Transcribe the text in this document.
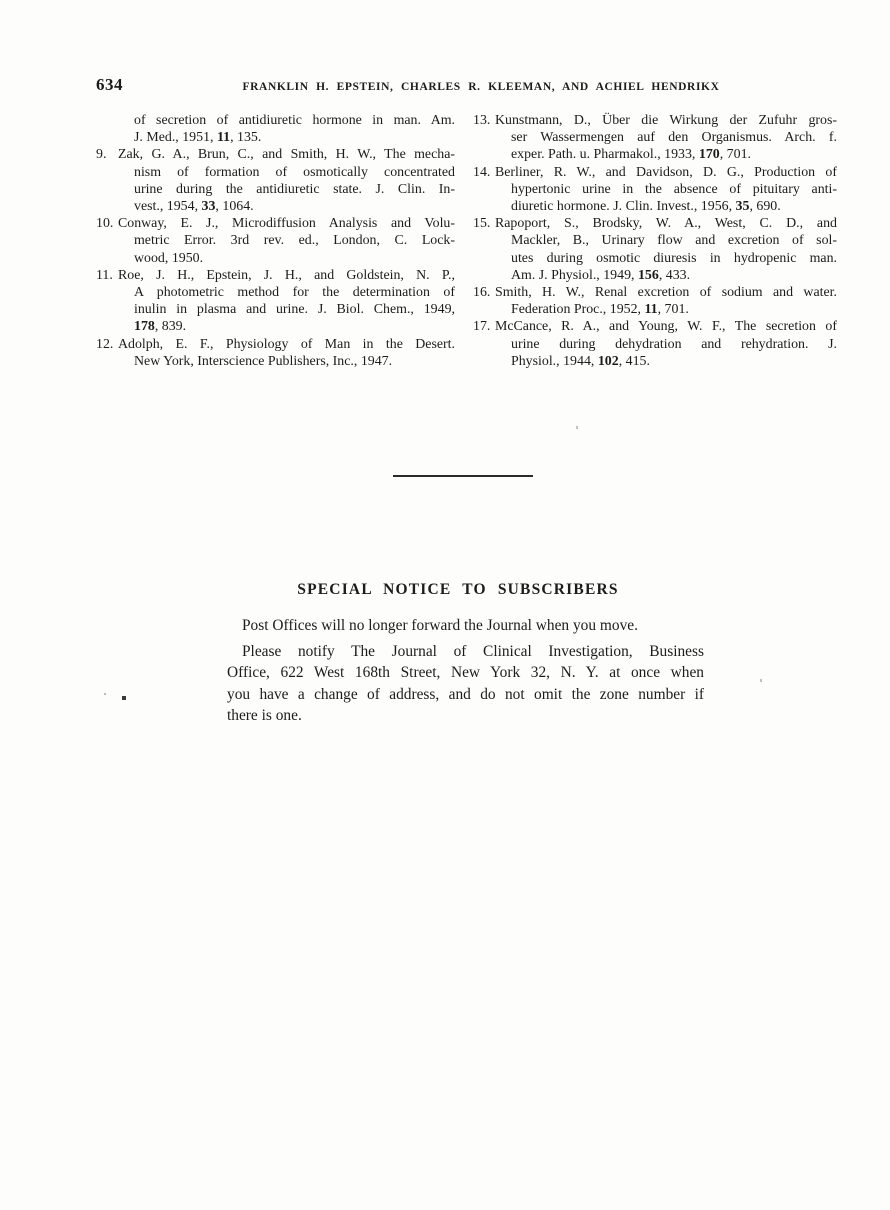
634	FRANKLIN H. EPSTEIN, CHARLES R. KLEEMAN, AND ACHIEL HENDRIKX
of secretion of antidiuretic hormone in man. Am.
J. Med., 1951, 11, 135.
9. Zak, G. A., Brun, C., and Smith, H. W., The mecha-
nism of formation of osmotically concentrated
urine during the antidiuretic state. J. Clin. In-
vest., 1954, 33, 1064.
10. Conway, E. J., Microdiffusion Analysis and Volu-
metric Error. 3rd rev. ed., London, C. Lock-
wood, 1950.
11. Roe, J. H., Epstein, J. H., and Goldstein, N. P.,
A photometric method for the determination of
inulin in plasma and urine. J. Biol. Chem., 1949,
178, 839.
12. Adolph, E. F., Physiology of Man in the Desert.
New York, Interscience Publishers, Inc., 1947.
13. Kunstmann, D., Über die Wirkung der Zufuhr gros-
ser Wassermengen auf den Organismus. Arch. f.
exper. Path. u. Pharmakol., 1933, 170, 701.
14. Berliner, R. W., and Davidson, D. G., Production of
hypertonic urine in the absence of pituitary anti-
diuretic hormone. J. Clin. Invest., 1956, 35, 690.
15. Rapoport, S., Brodsky, W. A., West, C. D., and
Mackler, B., Urinary flow and excretion of sol-
utes during osmotic diuresis in hydropenic man.
Am. J. Physiol., 1949, 156, 433.
16. Smith, H. W., Renal excretion of sodium and water.
Federation Proc., 1952, 11, 701.
17. McCance, R. A., and Young, W. F., The secretion of
urine during dehydration and rehydration. J.
Physiol., 1944, 102, 415.
SPECIAL NOTICE TO SUBSCRIBERS
Post Offices will no longer forward the Journal when you move.
Please notify The Journal of Clinical Investigation, Business
Office, 622 West 168th Street, New York 32, N. Y. at once when
you have a change of address, and do not omit the zone number if
there is one.
